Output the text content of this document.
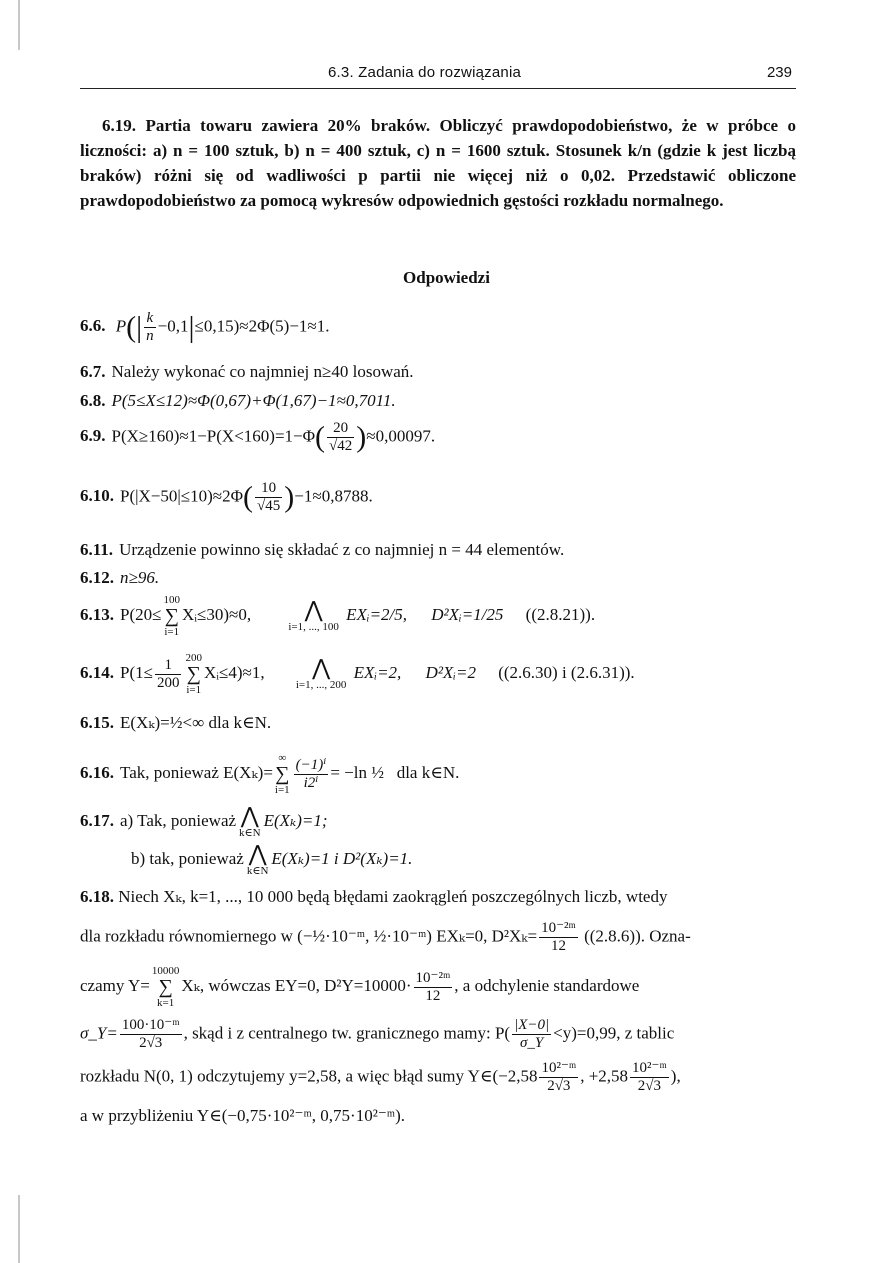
6.3. Zadania do rozwiązania	239

6.19. Partia towaru zawiera 20% braków. Obliczyć prawdopodobieństwo, że w próbce o liczności: a) n = 100 sztuk, b) n = 400 sztuk, c) n = 1600 sztuk. Stosunek k/n (gdzie k jest liczbą braków) różni się od wadliwości p partii nie więcej niż o 0,02. Przedstawić obliczone prawdopodobieństwo za pomocą wykresów odpowiednich gęstości rozkładu normalnego.

Odpowiedzi
6.6. $P(| \frac{k}{n} -0,1|\le 0,15)\approx 2\Phi(5)-1\approx 1$.
6.7. Należy wykonać co najmniej n≥40 losowań.
6.8. P(5≤X≤12)≈Φ(0,67)+Φ(1,67)−1≈0,7011.
6.9. $P(X\ge 160)\approx 1-P(X<160)=1-\Phi( \frac{20}{√42} )\approx 0,00097$.
6.10. $P(|X-50|\le 10)\approx 2\Phi( \frac{10}{√45} )-1\approx 0,8788$.
6.11. Urządzenie powinno się składać z co najmniej n = 44 elementów.
6.12. n≥96.
6.13. P(20≤100
∑
i=1Xᵢ≤30)≈0,	⋀
i=1, ..., 100 EXᵢ=2/5, D²Xᵢ=1/25 ((2.8.21)).
6.14. $P(1\le \frac{1}{200} 200$
∑
i=1Xᵢ≤4)≈1,	⋀
i=1, ..., 200 EXᵢ=2, D²Xᵢ=2 ((2.6.30) i (2.6.31)).
6.15. E(Xₖ)=½<∞ dla k∈N.
6.16. Tak, ponieważ E(Xₖ)=∞
∑
$i=1 \frac{\text{(−1)ⁱ}}{\text{i2ⁱ}} = -\ln$ ½   dla k∈N.
6.17. a) Tak, ponieważ ⋀
k∈NE(Xₖ)=1;
b) tak, ponieważ ⋀
k∈NE(Xₖ)=1 i D²(Xₖ)=1.
6.18. Niech Xₖ, k=1, ..., 10 000 będą błędami zaokrągleń poszczególnych liczb, wtedy
dla rozkładu równomiernego w (−½·10⁻ᵐ, ½·10⁻ᵐ) EXₖ=0, $D^2X_k= \frac{\text{10⁻²ᵐ}}{12} ((2.8.6))$. Ozna-
czamy Y=10000
∑
k=1Xₖ, wówczas EY=0, $D^2Y=10000\cdot \frac{\text{10⁻²ᵐ}}{12}$ , a odchylenie standardowe
σ_Y= $\frac{\text{100·10⁻ᵐ}}{2√3}$ , skąd i z centralnego tw. granicznego mamy: $P( \frac{|X-0|}{\sigma\_Y} <y)=0,99$, z tablic
rozkładu N(0, 1) odczytujemy y=2,58, a więc błąd sumy Y∈(−2,58 $\frac{\text{10²⁻ᵐ}}{2√3}$ , $+2,58 \frac{\text{10²⁻ᵐ}}{2√3}$ ),
a w przybliżeniu Y∈(−0,75·10²⁻ᵐ, 0,75·10²⁻ᵐ).
